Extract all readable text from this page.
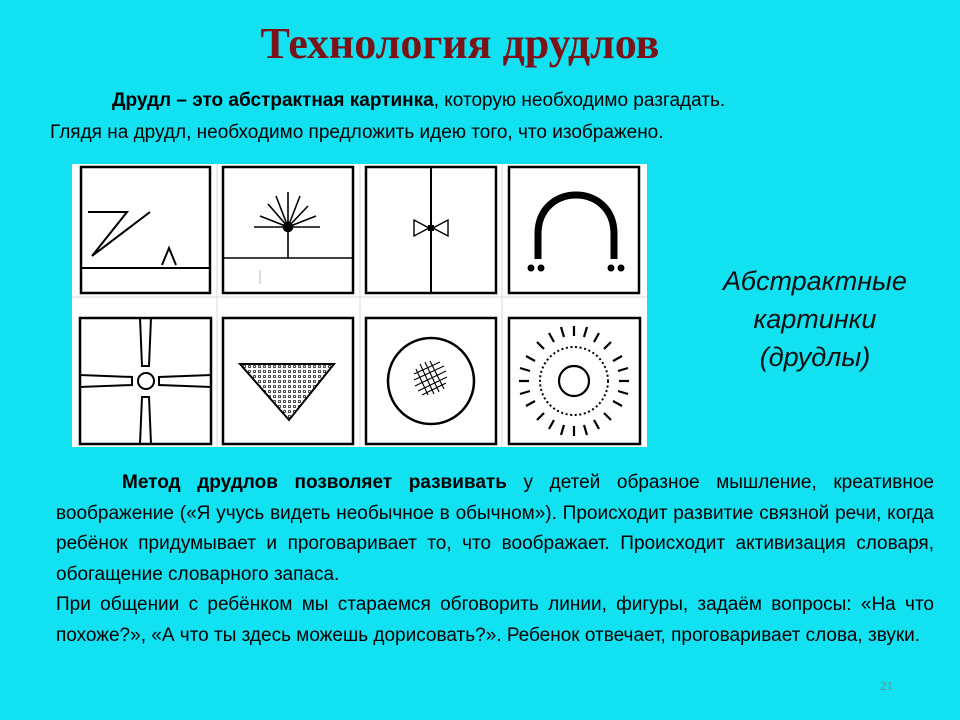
Технология друдлов
Друдл – это абстрактная картинка, которую необходимо разгадать.
Глядя на друдл, необходимо предложить идею того, что изображено.
Абстрактные
картинки
(друдлы)

Метод друдлов позволяет развивать у детей образное мышление, креативное воображение («Я учусь видеть необычное в обычном»). Происходит развитие связной речи, когда ребёнок придумывает и проговаривает то, что воображает. Происходит активизация словаря, обогащение словарного запаса.

При общении с ребёнком мы стараемся обговорить линии, фигуры, задаём вопросы: «На что похоже?», «А что ты здесь можешь дорисовать?». Ребенок отвечает, проговаривает слова, звуки.

21
